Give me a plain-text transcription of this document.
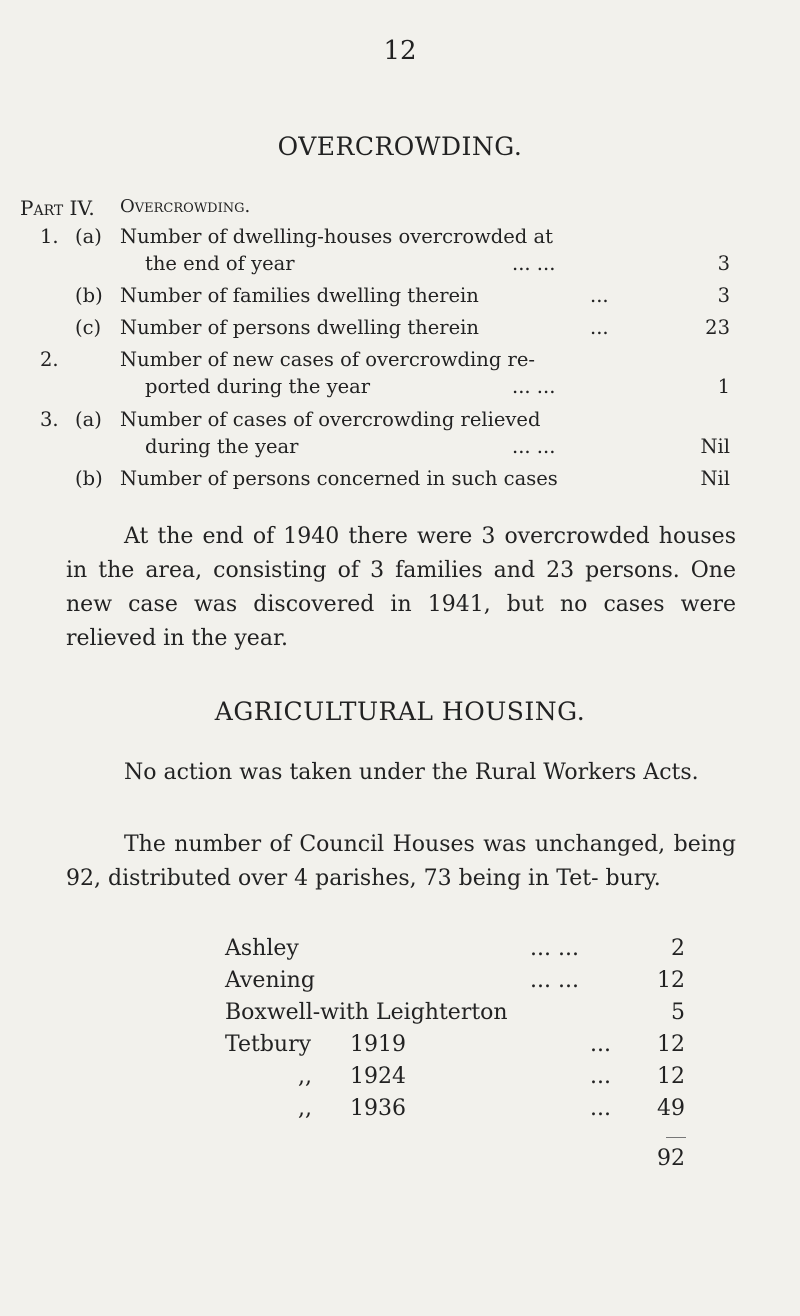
12
OVERCROWDING.
Part IV. Overcrowding.
1. (a) Number of dwelling-houses overcrowded at
the end of year	... ...	3
(b) Number of families dwelling therein	...	3
(c) Number of persons dwelling therein	...	23
2.	Number of new cases of overcrowding re-
ported during the year	... ...	1
3. (a) Number of cases of overcrowding relieved
during the year	... ...	Nil
(b) Number of persons concerned in such cases	Nil

At the end of 1940 there were 3 overcrowded houses in the area, consisting of 3 families and 23 persons. One new case was discovered in 1941, but no cases were relieved in the year.

AGRICULTURAL HOUSING.

No action was taken under the Rural Workers Acts.

The number of Council Houses was unchanged, being 92, distributed over 4 parishes, 73 being in Tet- bury.

Ashley	... ...	2
Avening	... ...	12
Boxwell-with Leighterton	5
Tetbury 1919	...	12
,, 1924	...	12
,, 1936	...	49
92
